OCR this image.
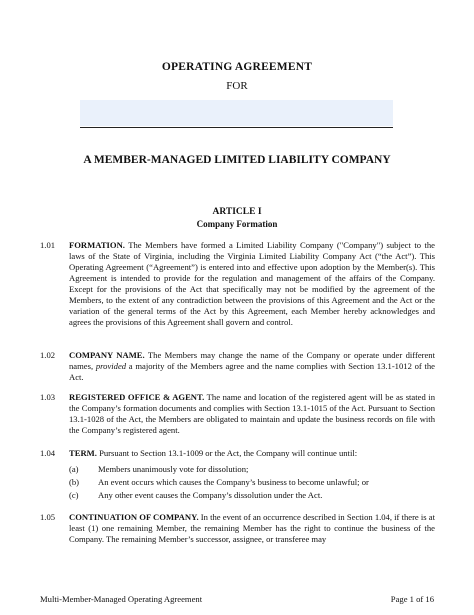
OPERATING AGREEMENT
FOR
A MEMBER-MANAGED LIMITED LIABILITY COMPANY
ARTICLE I
Company Formation
1.01	FORMATION. The Members have formed a Limited Liability Company ("Company") subject to the laws of the State of Virginia, including the Virginia Limited Liability Company Act (“the Act”). This Operating Agreement (“Agreement”) is entered into and effective upon adoption by the Member(s). This Agreement is intended to provide for the regulation and management of the affairs of the Company. Except for the provisions of the Act that specifically may not be modified by the agreement of the Members, to the extent of any contradiction between the provisions of this Agreement and the Act or the variation of the general terms of the Act by this Agreement, each Member hereby acknowledges and agrees the provisions of this Agreement shall govern and control.
1.02	COMPANY NAME. The Members may change the name of the Company or operate under different names, provided a majority of the Members agree and the name complies with Section 13.1-1012 of the Act.
1.03	REGISTERED OFFICE & AGENT. The name and location of the registered agent will be as stated in the Company’s formation documents and complies with Section 13.1-1015 of the Act. Pursuant to Section 13.1-1028 of the Act, the Members are obligated to maintain and update the business records on file with the Company’s registered agent.
1.04	TERM. Pursuant to Section 13.1-1009 or the Act, the Company will continue until:
(a)	Members unanimously vote for dissolution;
(b)	An event occurs which causes the Company’s business to become unlawful; or
(c)	Any other event causes the Company’s dissolution under the Act.
1.05	CONTINUATION OF COMPANY. In the event of an occurrence described in Section 1.04, if there is at least (1) one remaining Member, the remaining Member has the right to continue the business of the Company. The remaining Member’s successor, assignee, or transferee may
Multi-Member-Managed Operating Agreement	Page 1 of 16
